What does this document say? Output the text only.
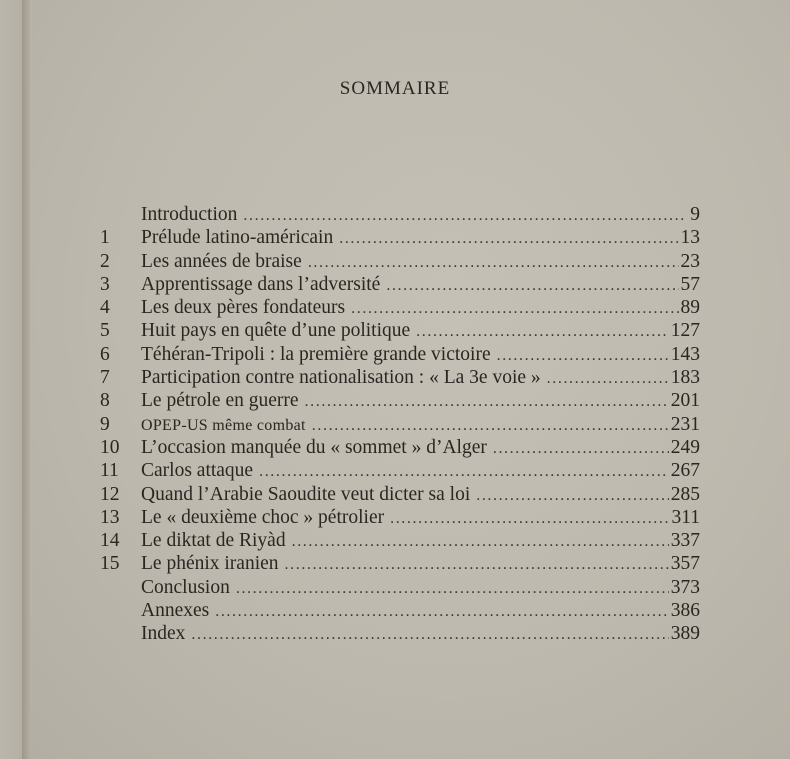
SOMMAIRE
Introduction .....	9
1	Prélude latino-américain .....	13
2	Les années de braise .....	23
3	Apprentissage dans l’adversité .....	57
4	Les deux pères fondateurs .....	89
5	Huit pays en quête d’une politique .....	127
6	Téhéran-Tripoli : la première grande victoire .....	143
7	Participation contre nationalisation : « La 3e voie » .....	183
8	Le pétrole en guerre .....	201
9	OPEP-US même combat .....	231
10	L’occasion manquée du « sommet » d’Alger .....	249
11	Carlos attaque .....	267
12	Quand l’Arabie Saoudite veut dicter sa loi .....	285
13	Le « deuxième choc » pétrolier .....	311
14	Le diktat de Riyàd .....	337
15	Le phénix iranien .....	357
Conclusion .....	373
Annexes .....	386
Index .....	389
